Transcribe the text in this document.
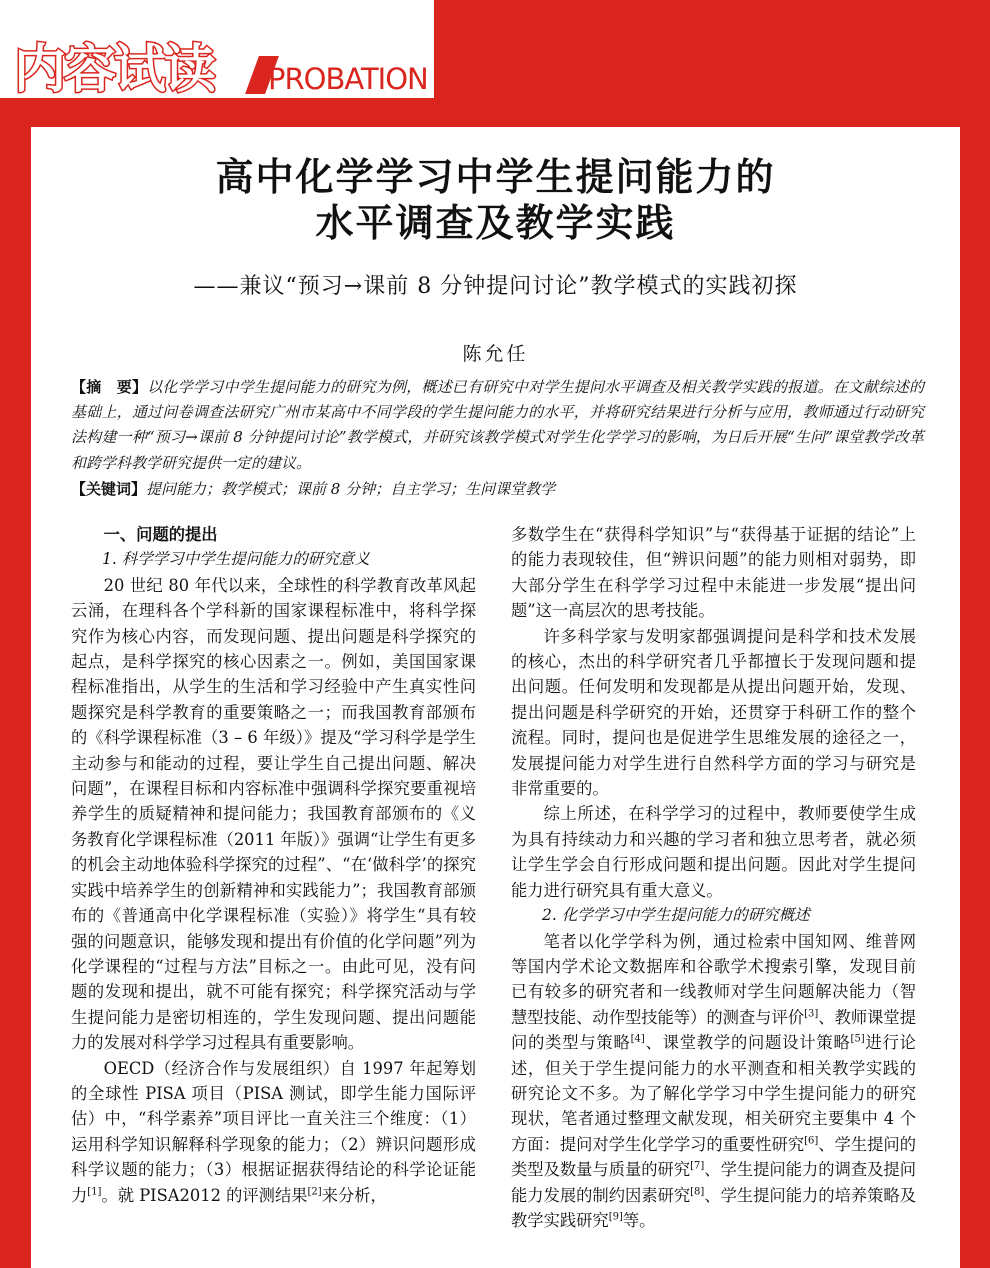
内容试读 PROBATION
高中化学学习中学生提问能力的
水平调查及教学实践
——兼议“预习→课前 8 分钟提问讨论”教学模式的实践初探
陈允任
【摘　要】以化学学习中学生提问能力的研究为例，概述已有研究中对学生提问水平调查及相关教学实践的报道。在文献综述的基础上，通过问卷调查法研究广州市某高中不同学段的学生提问能力的水平，并将研究结果进行分析与应用，教师通过行动研究法构建一种“预习→课前 8 分钟提问讨论”教学模式，并研究该教学模式对学生化学学习的影响，为日后开展“生问”课堂教学改革和跨学科教学研究提供一定的建议。
【关键词】提问能力；教学模式；课前 8 分钟；自主学习；生问课堂教学
一、问题的提出
1. 科学学习中学生提问能力的研究意义

20 世纪 80 年代以来，全球性的科学教育改革风起云涌，在理科各个学科新的国家课程标准中，将科学探究作为核心内容，而发现问题、提出问题是科学探究的起点，是科学探究的核心因素之一。例如，美国国家课程标准指出，从学生的生活和学习经验中产生真实性问题探究是科学教育的重要策略之一；而我国教育部颁布的《科学课程标准（3 – 6 年级）》提及“学习科学是学生主动参与和能动的过程，要让学生自己提出问题、解决问题”，在课程目标和内容标准中强调科学探究要重视培养学生的质疑精神和提问能力；我国教育部颁布的《义务教育化学课程标准（2011 年版）》强调“让学生有更多的机会主动地体验科学探究的过程”、“在‘做科学’的探究实践中培养学生的创新精神和实践能力”；我国教育部颁布的《普通高中化学课程标准（实验）》将学生“具有较强的问题意识，能够发现和提出有价值的化学问题”列为化学课程的“过程与方法”目标之一。由此可见，没有问题的发现和提出，就不可能有探究；科学探究活动与学生提问能力是密切相连的，学生发现问题、提出问题能力的发展对科学学习过程具有重要影响。

OECD（经济合作与发展组织）自 1997 年起筹划的全球性 PISA 项目（PISA 测试，即学生能力国际评估）中，“科学素养”项目评比一直关注三个维度：（1）运用科学知识解释科学现象的能力；（2）辨识问题形成科学议题的能力；（3）根据证据获得结论的科学论证能力[1]。就 PISA2012 的评测结果[2]来分析，

多数学生在“获得科学知识”与“获得基于证据的结论”上的能力表现较佳，但“辨识问题”的能力则相对弱势，即大部分学生在科学学习过程中未能进一步发展“提出问题”这一高层次的思考技能。

许多科学家与发明家都强调提问是科学和技术发展的核心，杰出的科学研究者几乎都擅长于发现问题和提出问题。任何发明和发现都是从提出问题开始，发现、提出问题是科学研究的开始，还贯穿于科研工作的整个流程。同时，提问也是促进学生思维发展的途径之一，发展提问能力对学生进行自然科学方面的学习与研究是非常重要的。

综上所述，在科学学习的过程中，教师要使学生成为具有持续动力和兴趣的学习者和独立思考者，就必须让学生学会自行形成问题和提出问题。因此对学生提问能力进行研究具有重大意义。

2. 化学学习中学生提问能力的研究概述

笔者以化学学科为例，通过检索中国知网、维普网等国内学术论文数据库和谷歌学术搜索引擎，发现目前已有较多的研究者和一线教师对学生问题解决能力（智慧型技能、动作型技能等）的测查与评价[3]、教师课堂提问的类型与策略[4]、课堂教学的问题设计策略[5]进行论述，但关于学生提问能力的水平测查和相关教学实践的研究论文不多。为了解化学学习中学生提问能力的研究现状，笔者通过整理文献发现，相关研究主要集中 4 个方面：提问对学生化学学习的重要性研究[6]、学生提问的类型及数量与质量的研究[7]、学生提问能力的调查及提问能力发展的制约因素研究[8]、学生提问能力的培养策略及教学实践研究[9]等。
